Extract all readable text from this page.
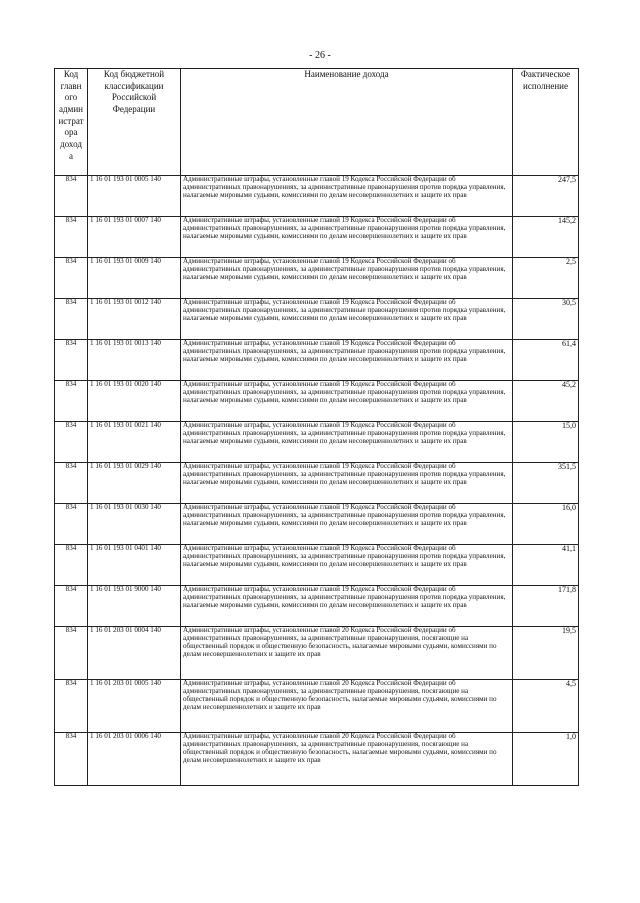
- 26 -
Код главн ого админ истрат ора доход а	Код бюджетной классификации Российской Федерации	Наименование дохода	Фактическое исполнение
834	1 16 01 193 01 0005 140	Административные штрафы, установленные главой 19 Кодекса Российской Федерации об административных правонарушениях, за административные правонарушения против порядка управления, налагаемые мировыми судьями, комиссиями по делам несовершеннолетних и защите их прав	247,5
834	1 16 01 193 01 0007 140	Административные штрафы, установленные главой 19 Кодекса Российской Федерации об административных правонарушениях, за административные правонарушения против порядка управления, налагаемые мировыми судьями, комиссиями по делам несовершеннолетних и защите их прав	145,2
834	1 16 01 193 01 0009 140	Административные штрафы, установленные главой 19 Кодекса Российской Федерации об административных правонарушениях, за административные правонарушения против порядка управления, налагаемые мировыми судьями, комиссиями по делам несовершеннолетних и защите их прав	2,5
834	1 16 01 193 01 0012 140	Административные штрафы, установленные главой 19 Кодекса Российской Федерации об административных правонарушениях, за административные правонарушения против порядка управления, налагаемые мировыми судьями, комиссиями по делам несовершеннолетних и защите их прав	30,5
834	1 16 01 193 01 0013 140	Административные штрафы, установленные главой 19 Кодекса Российской Федерации об административных правонарушениях, за административные правонарушения против порядка управления, налагаемые мировыми судьями, комиссиями по делам несовершеннолетних и защите их прав	61,4
834	1 16 01 193 01 0020 140	Административные штрафы, установленные главой 19 Кодекса Российской Федерации об административных правонарушениях, за административные правонарушения против порядка управления, налагаемые мировыми судьями, комиссиями по делам несовершеннолетних и защите их прав	45,2
834	1 16 01 193 01 0021 140	Административные штрафы, установленные главой 19 Кодекса Российской Федерации об административных правонарушениях, за административные правонарушения против порядка управления, налагаемые мировыми судьями, комиссиями по делам несовершеннолетних и защите их прав	15,0
834	1 16 01 193 01 0029 140	Административные штрафы, установленные главой 19 Кодекса Российской Федерации об административных правонарушениях, за административные правонарушения против порядка управления, налагаемые мировыми судьями, комиссиями по делам несовершеннолетних и защите их прав	351,5
834	1 16 01 193 01 0030 140	Административные штрафы, установленные главой 19 Кодекса Российской Федерации об административных правонарушениях, за административные правонарушения против порядка управления, налагаемые мировыми судьями, комиссиями по делам несовершеннолетних и защите их прав	16,0
834	1 16 01 193 01 0401 140	Административные штрафы, установленные главой 19 Кодекса Российской Федерации об административных правонарушениях, за административные правонарушения против порядка управления, налагаемые мировыми судьями, комиссиями по делам несовершеннолетних и защите их прав	41,1
834	1 16 01 193 01 9000 140	Административные штрафы, установленные главой 19 Кодекса Российской Федерации об административных правонарушениях, за административные правонарушения против порядка управления, налагаемые мировыми судьями, комиссиями по делам несовершеннолетних и защите их прав	171,8
834	1 16 01 203 01 0004 140	Административные штрафы, установленные главой 20 Кодекса Российской Федерации об административных правонарушениях, за административные правонарушения, посягающие на общественный порядок и общественную безопасность, налагаемые мировыми судьями, комиссиями по делам несовершеннолетних и защите их прав	19,5
834	1 16 01 203 01 0005 140	Административные штрафы, установленные главой 20 Кодекса Российской Федерации об административных правонарушениях, за административные правонарушения, посягающие на общественный порядок и общественную безопасность, налагаемые мировыми судьями, комиссиями по делам несовершеннолетних и защите их прав	4,5
834	1 16 01 203 01 0006 140	Административные штрафы, установленные главой 20 Кодекса Российской Федерации об административных правонарушениях, за административные правонарушения, посягающие на общественный порядок и общественную безопасность, налагаемые мировыми судьями, комиссиями по делам несовершеннолетних и защите их прав	1,0
